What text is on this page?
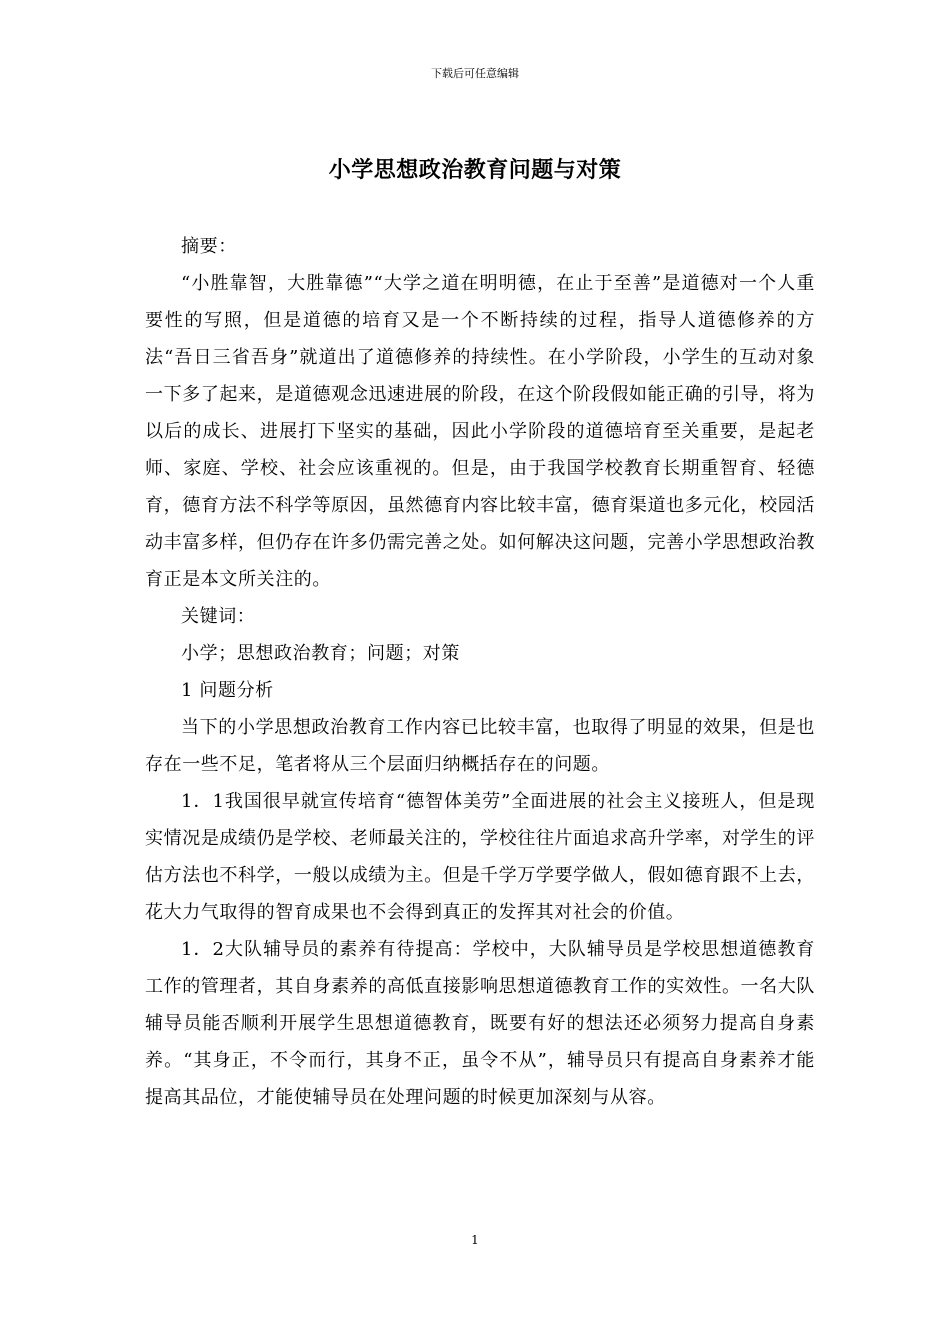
下载后可任意编辑
小学思想政治教育问题与对策

摘要：

“小胜靠智，大胜靠德”“大学之道在明明德，在止于至善”是道德对一个人重要性的写照，但是道德的培育又是一个不断持续的过程，指导人道德修养的方法“吾日三省吾身”就道出了道德修养的持续性。在小学阶段，小学生的互动对象一下多了起来，是道德观念迅速进展的阶段，在这个阶段假如能正确的引导，将为以后的成长、进展打下坚实的基础，因此小学阶段的道德培育至关重要，是起老师、家庭、学校、社会应该重视的。但是，由于我国学校教育长期重智育、轻德育，德育方法不科学等原因，虽然德育内容比较丰富，德育渠道也多元化，校园活动丰富多样，但仍存在许多仍需完善之处。如何解决这问题，完善小学思想政治教育正是本文所关注的。

关键词：

小学；思想政治教育；问题；对策

1 问题分析

当下的小学思想政治教育工作内容已比较丰富，也取得了明显的效果，但是也存在一些不足，笔者将从三个层面归纳概括存在的问题。

1．1我国很早就宣传培育“德智体美劳”全面进展的社会主义接班人，但是现实情况是成绩仍是学校、老师最关注的，学校往往片面追求高升学率，对学生的评估方法也不科学，一般以成绩为主。但是千学万学要学做人，假如德育跟不上去，花大力气取得的智育成果也不会得到真正的发挥其对社会的价值。

1．2大队辅导员的素养有待提高：学校中，大队辅导员是学校思想道德教育工作的管理者，其自身素养的高低直接影响思想道德教育工作的实效性。一名大队辅导员能否顺利开展学生思想道德教育，既要有好的想法还必须努力提高自身素养。“其身正，不令而行，其身不正，虽令不从”，辅导员只有提高自身素养才能提高其品位，才能使辅导员在处理问题的时候更加深刻与从容。

1
